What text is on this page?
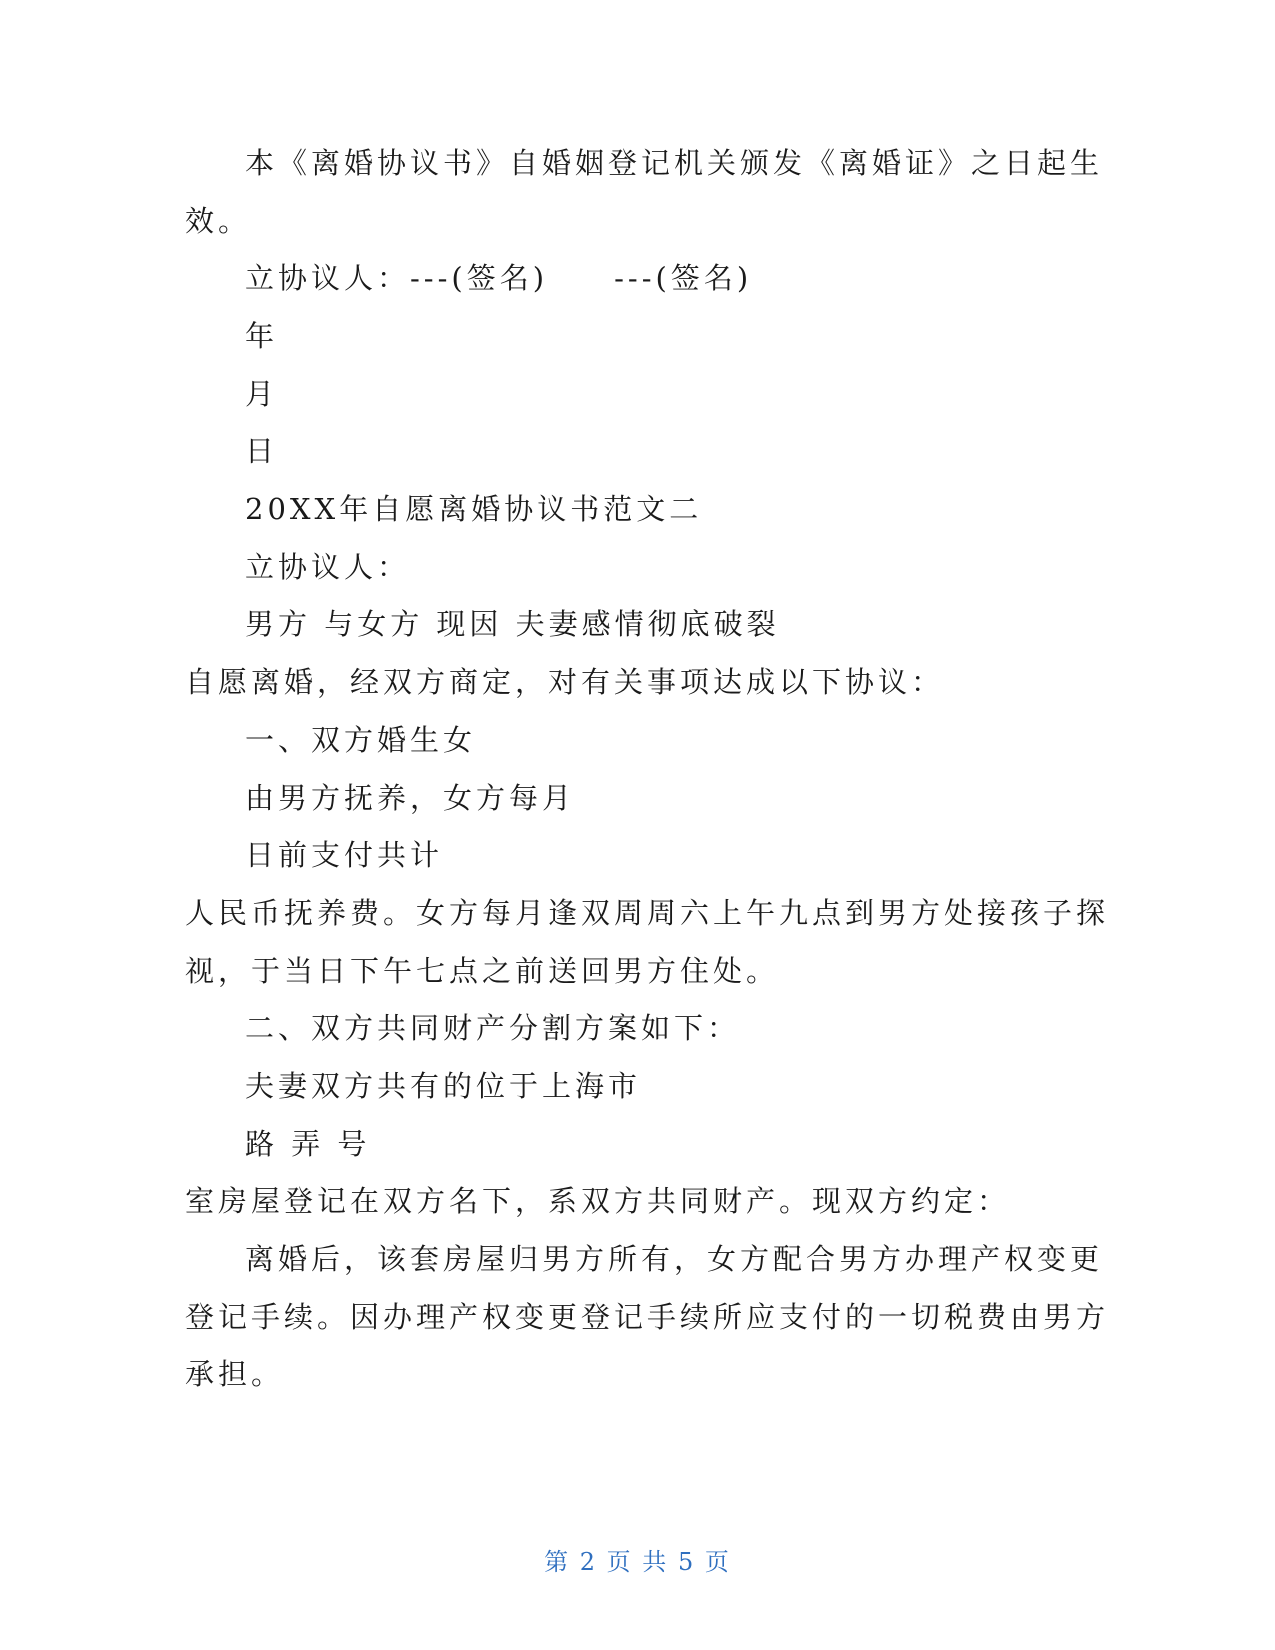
本《离婚协议书》自婚姻登记机关颁发《离婚证》之日起生
效。
立协议人：---(签名)     ---(签名)
年
月
日
20XX年自愿离婚协议书范文二
立协议人：
男方 与女方 现因 夫妻感情彻底破裂
自愿离婚，经双方商定，对有关事项达成以下协议：
一、双方婚生女
由男方抚养，女方每月
日前支付共计
人民币抚养费。女方每月逢双周周六上午九点到男方处接孩子探
视，于当日下午七点之前送回男方住处。
二、双方共同财产分割方案如下：
夫妻双方共有的位于上海市
路 弄 号
室房屋登记在双方名下，系双方共同财产。现双方约定：
离婚后，该套房屋归男方所有，女方配合男方办理产权变更
登记手续。因办理产权变更登记手续所应支付的一切税费由男方
承担。
第 2 页 共 5 页
